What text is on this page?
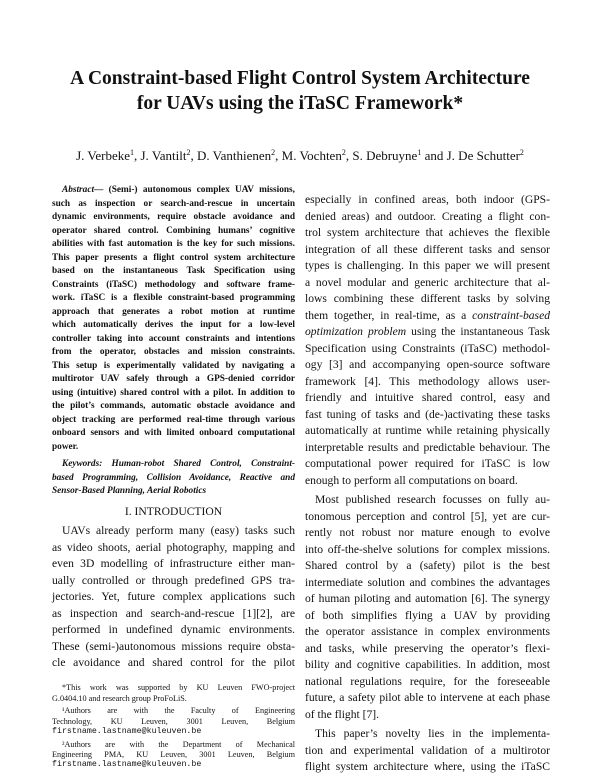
A Constraint-based Flight Control System Architecture
for UAVs using the iTaSC Framework*
J. Verbeke$^1$, J. Vantilt$^2$, D. Vanthienen$^2$, M. Vochten$^2$, S. Debruyne$^1$ and J. De Schutter$^2$
Abstract— (Semi-) autonomous complex UAV missions,
such as inspection or search-and-rescue in uncertain
dynamic environments, require obstacle avoidance and
operator shared control. Combining humans’ cognitive
abilities with fast automation is the key for such missions.
This paper presents a flight control system architecture
based on the instantaneous Task Specification using
Constraints (iTaSC) methodology and software frame-
work. iTaSC is a flexible constraint-based programming
approach that generates a robot motion at runtime
which automatically derives the input for a low-level
controller taking into account constraints and intentions
from the operator, obstacles and mission constraints.
This setup is experimentally validated by navigating a
multirotor UAV safely through a GPS-denied corridor
using (intuitive) shared control with a pilot. In addition to
the pilot’s commands, automatic obstacle avoidance and
object tracking are performed real-time through various
onboard sensors and with limited onboard computational
power.
Keywords: Human-robot Shared Control, Constraint-
based Programming, Collision Avoidance, Reactive and
Sensor-Based Planning, Aerial Robotics
I. INTRODUCTION
UAVs already perform many (easy) tasks such
as video shoots, aerial photography, mapping and
even 3D modelling of infrastructure either man-
ually controlled or through predefined GPS tra-
jectories. Yet, future complex applications such
as inspection and search-and-rescue [1][2], are
performed in undefined dynamic environments.
These (semi-)autonomous missions require obsta-
cle avoidance and shared control for the pilot
*This work was supported by KU Leuven FWO-project
G.0404.10 and research group ProFoLiS.
¹Authors are with the Faculty of Engineering
Technology, KU Leuven, 3001 Leuven, Belgium
firstname.lastname@kuleuven.be
²Authors are with the Department of Mechanical
Engineering PMA, KU Leuven, 3001 Leuven, Belgium
firstname.lastname@kuleuven.be
especially in confined areas, both indoor (GPS-
denied areas) and outdoor. Creating a flight con-
trol system architecture that achieves the flexible
integration of all these different tasks and sensor
types is challenging. In this paper we will present
a novel modular and generic architecture that al-
lows combining these different tasks by solving
them together, in real-time, as a constraint-based
optimization problem using the instantaneous Task
Specification using Constraints (iTaSC) methodol-
ogy [3] and accompanying open-source software
framework [4]. This methodology allows user-
friendly and intuitive shared control, easy and
fast tuning of tasks and (de-)activating these tasks
automatically at runtime while retaining physically
interpretable results and predictable behaviour. The
computational power required for iTaSC is low
enough to perform all computations on board.
Most published research focusses on fully au-
tonomous perception and control [5], yet are cur-
rently not robust nor mature enough to evolve
into off-the-shelve solutions for complex missions.
Shared control by a (safety) pilot is the best
intermediate solution and combines the advantages
of human piloting and automation [6]. The synergy
of both simplifies flying a UAV by providing
the operator assistance in complex environments
and tasks, while preserving the operator’s flexi-
bility and cognitive capabilities. In addition, most
national regulations require, for the foreseeable
future, a safety pilot able to intervene at each phase
of the flight [7].
This paper’s novelty lies in the implementa-
tion and experimental validation of a multirotor
flight system architecture where, using the iTaSC
